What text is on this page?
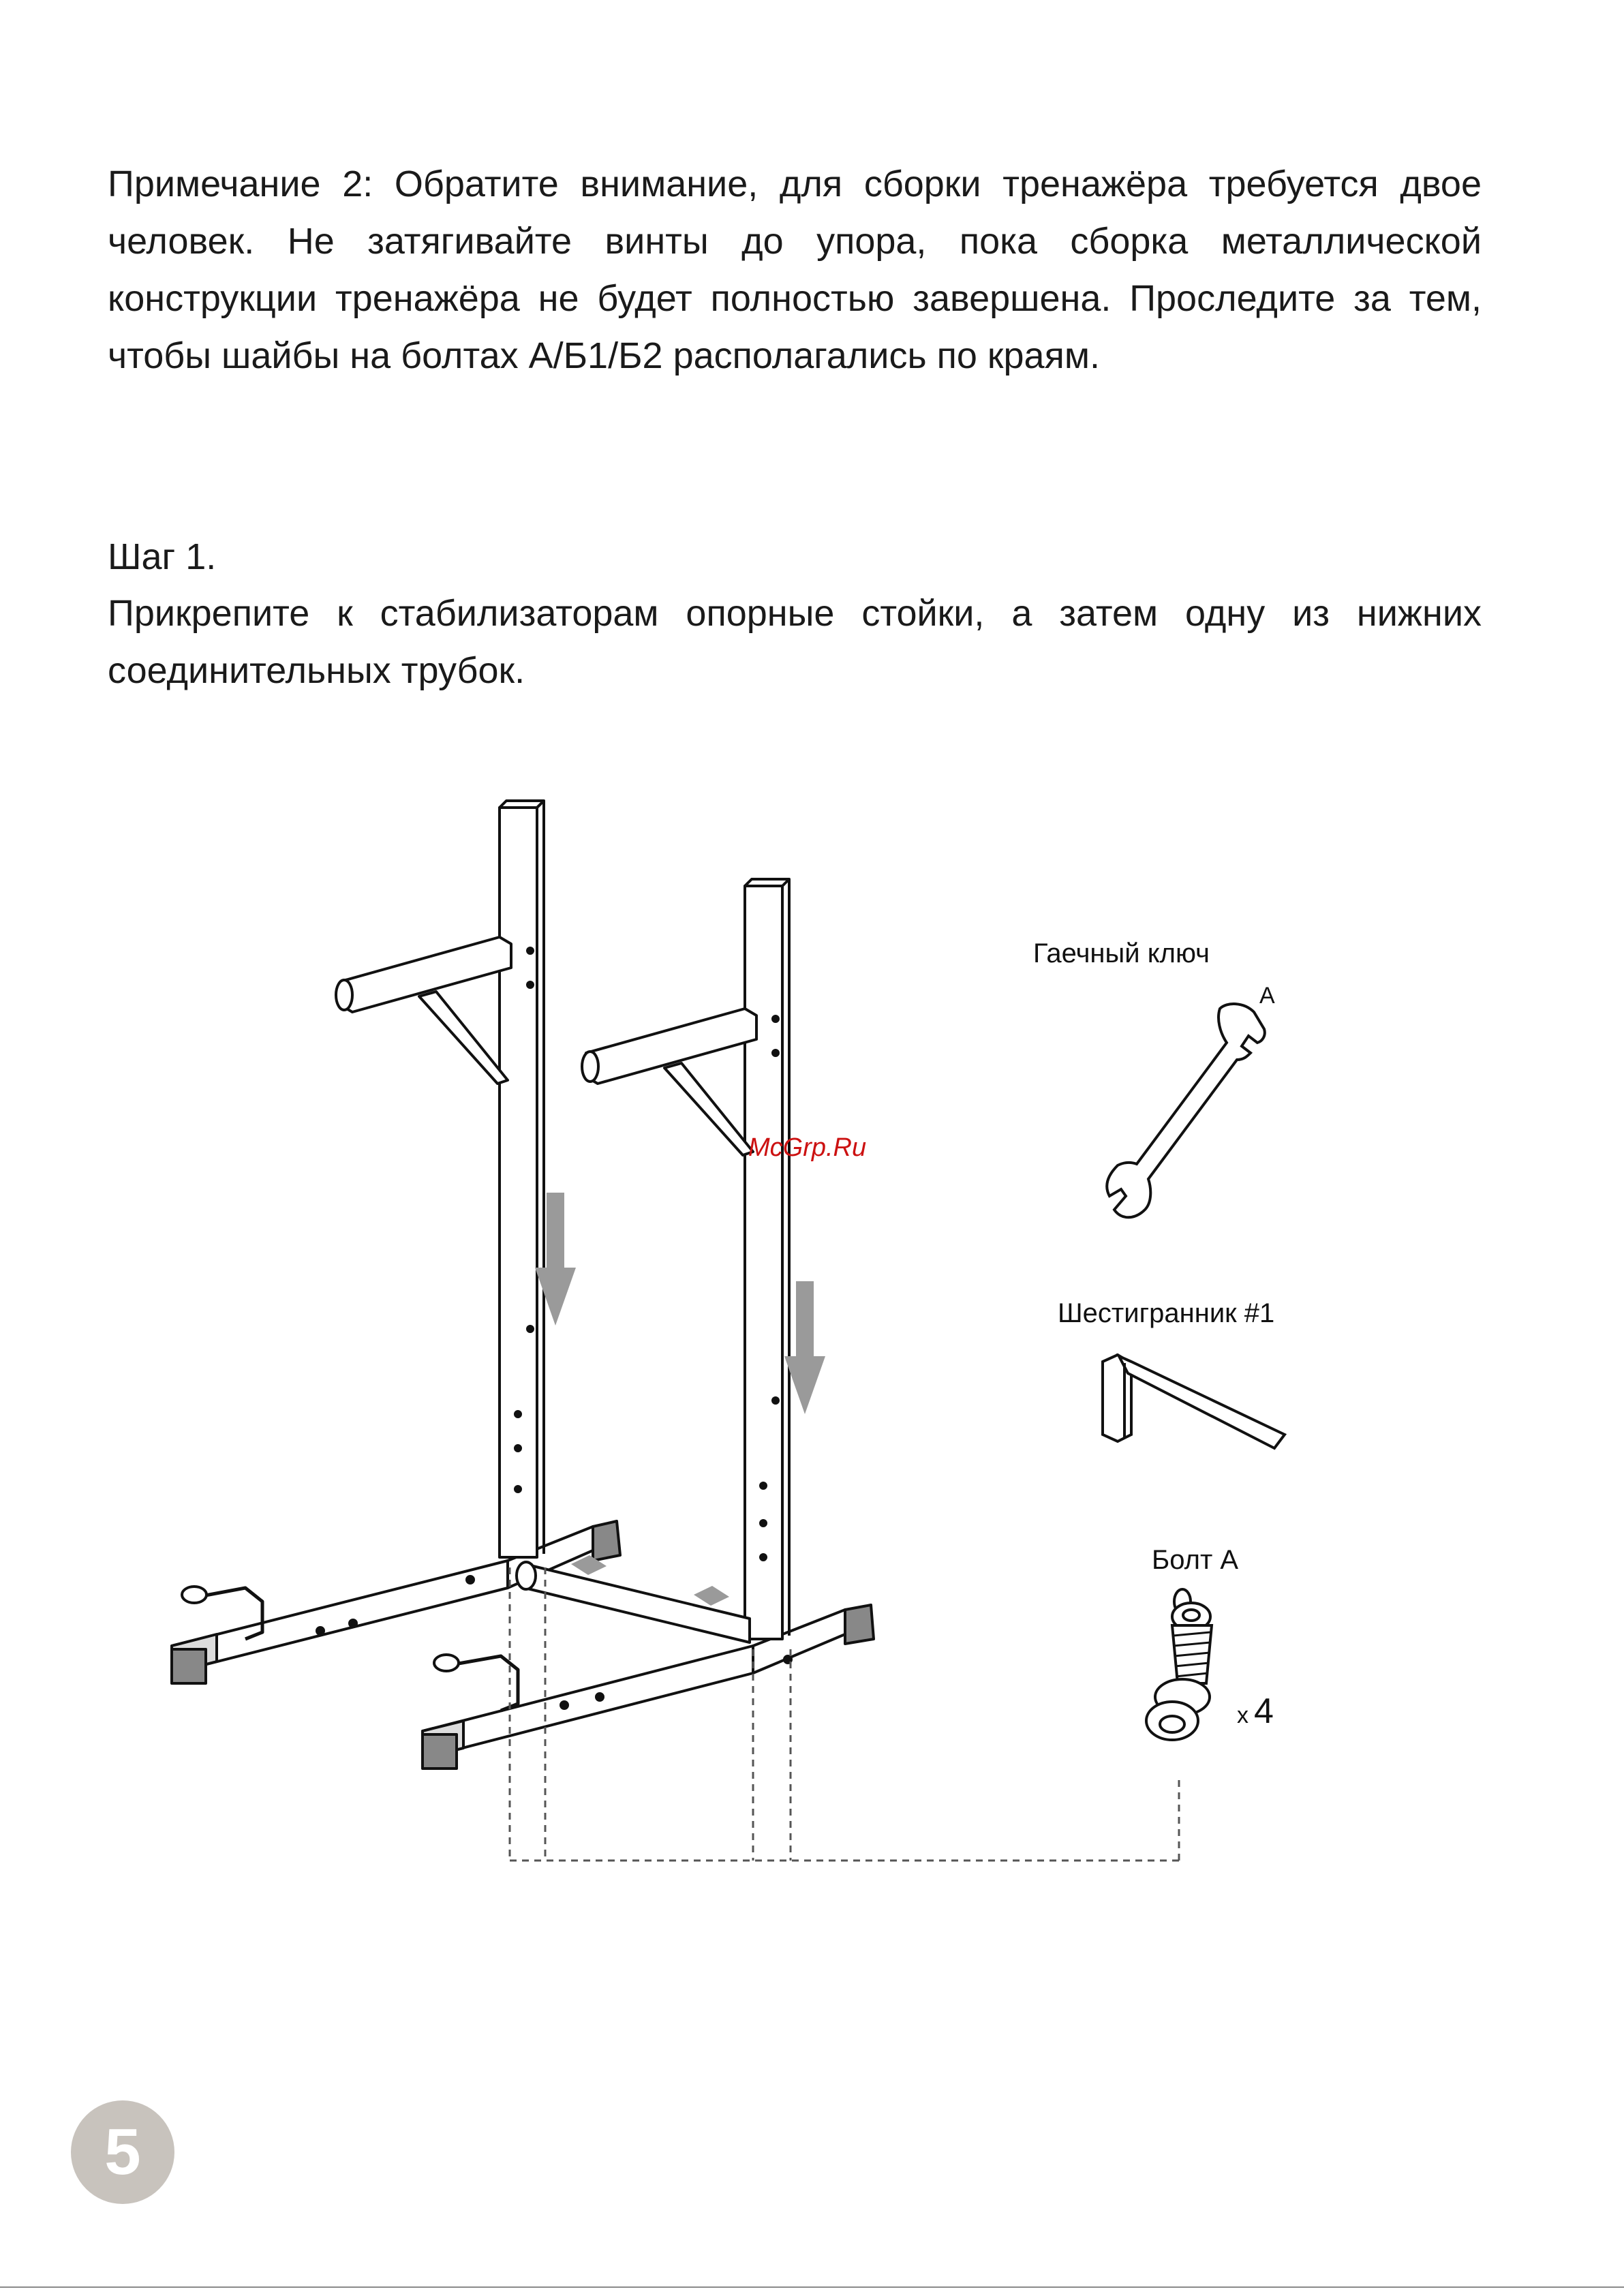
Примечание 2: Обратите внимание, для сборки тренажёра требуется двое
человек. Не затягивайте винты до упора, пока сборка металлической
конструкции тренажёра не будет полностью завершена. Проследите за тем,
чтобы шайбы на болтах А/Б1/Б2 располагались по краям.
Шаг 1.
Прикрепите к стабилизаторам опорные стойки, а затем одну из нижних
соединительных трубок.
Гаечный ключ
A
Шестигранник #1
Болт А
x 4
McGrp.Ru
5
